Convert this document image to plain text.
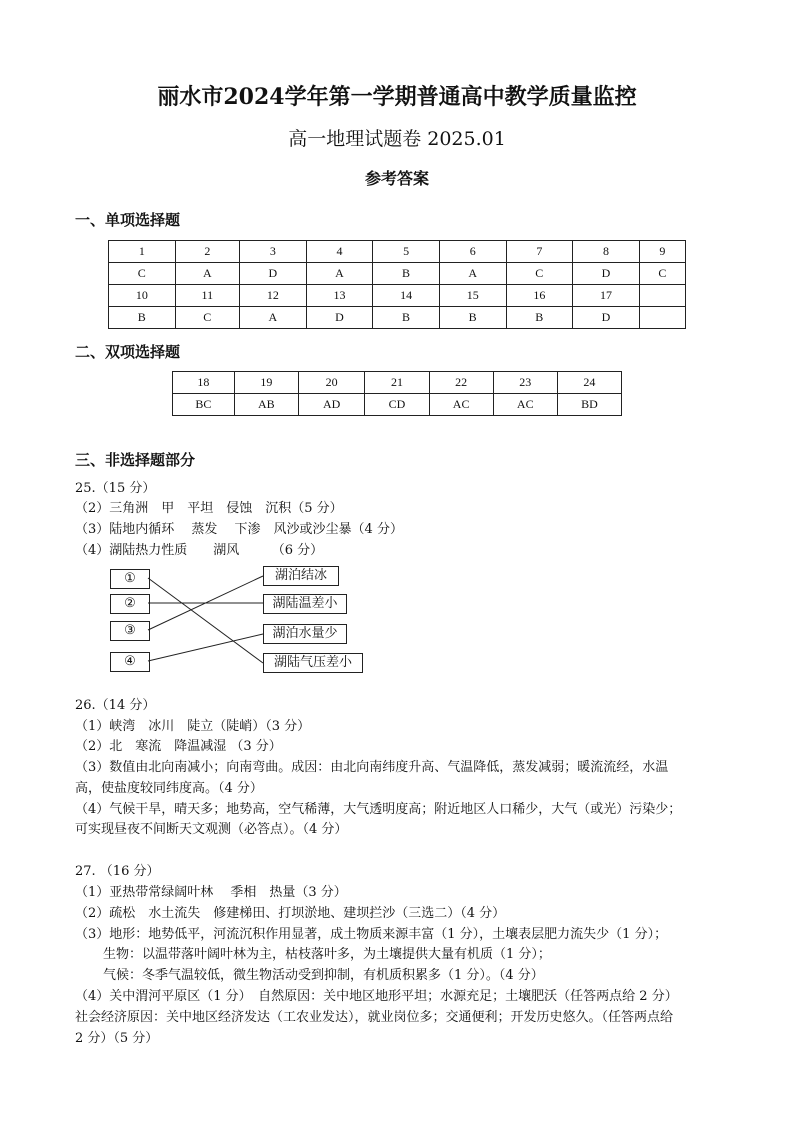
丽水市2024学年第一学期普通高中教学质量监控
高一地理试题卷 2025.01
参考答案
一、单项选择题
1	2	3	4	5	6	7	8	9
C	A	D	A	B	A	C	D	C
10	11	12	13	14	15	16	17	
B	C	A	D	B	B	B	D	
二、双项选择题
18	19	20	21	22	23	24
BC	AB	AD	CD	AC	AC	BD
三、非选择题部分
25.（15 分）
（2）三角洲　甲　平坦　侵蚀　沉积（5 分）
（3）陆地内循环　 蒸发　 下渗　风沙或沙尘暴（4 分）
（4）湖陆热力性质　　湖风　　　（6 分）
①
②
③
④
湖泊结冰
湖陆温差小
湖泊水量少
湖陆气压差小
26.（14 分）
（1）峡湾　冰川　陡立（陡峭）（3 分）
（2）北　寒流　降温减湿 （3 分）
（3）数值由北向南减小；向南弯曲。成因：由北向南纬度升高、气温降低，蒸发减弱；暖流流经，水温
高，使盐度较同纬度高。（4 分）
（4）气候干旱，晴天多；地势高，空气稀薄，大气透明度高；附近地区人口稀少，大气（或光）污染少；
可实现昼夜不间断天文观测（必答点）。（4 分）
27. （16 分）
（1）亚热带常绿阔叶林　 季相　热量（3 分）
（2）疏松　水土流失　修建梯田、打坝淤地、建坝拦沙（三选二）（4 分）
（3）地形：地势低平，河流沉积作用显著，成土物质来源丰富（1 分），土壤表层肥力流失少（1 分）；
生物：以温带落叶阔叶林为主，枯枝落叶多，为土壤提供大量有机质（1 分）；
气候：冬季气温较低，微生物活动受到抑制，有机质积累多（1 分）。（4 分）
（4）关中渭河平原区（1 分）　自然原因：关中地区地形平坦；水源充足；土壤肥沃（任答两点给 2 分）
社会经济原因：关中地区经济发达（工农业发达），就业岗位多；交通便利；开发历史悠久。（任答两点给
2 分）（5 分）
